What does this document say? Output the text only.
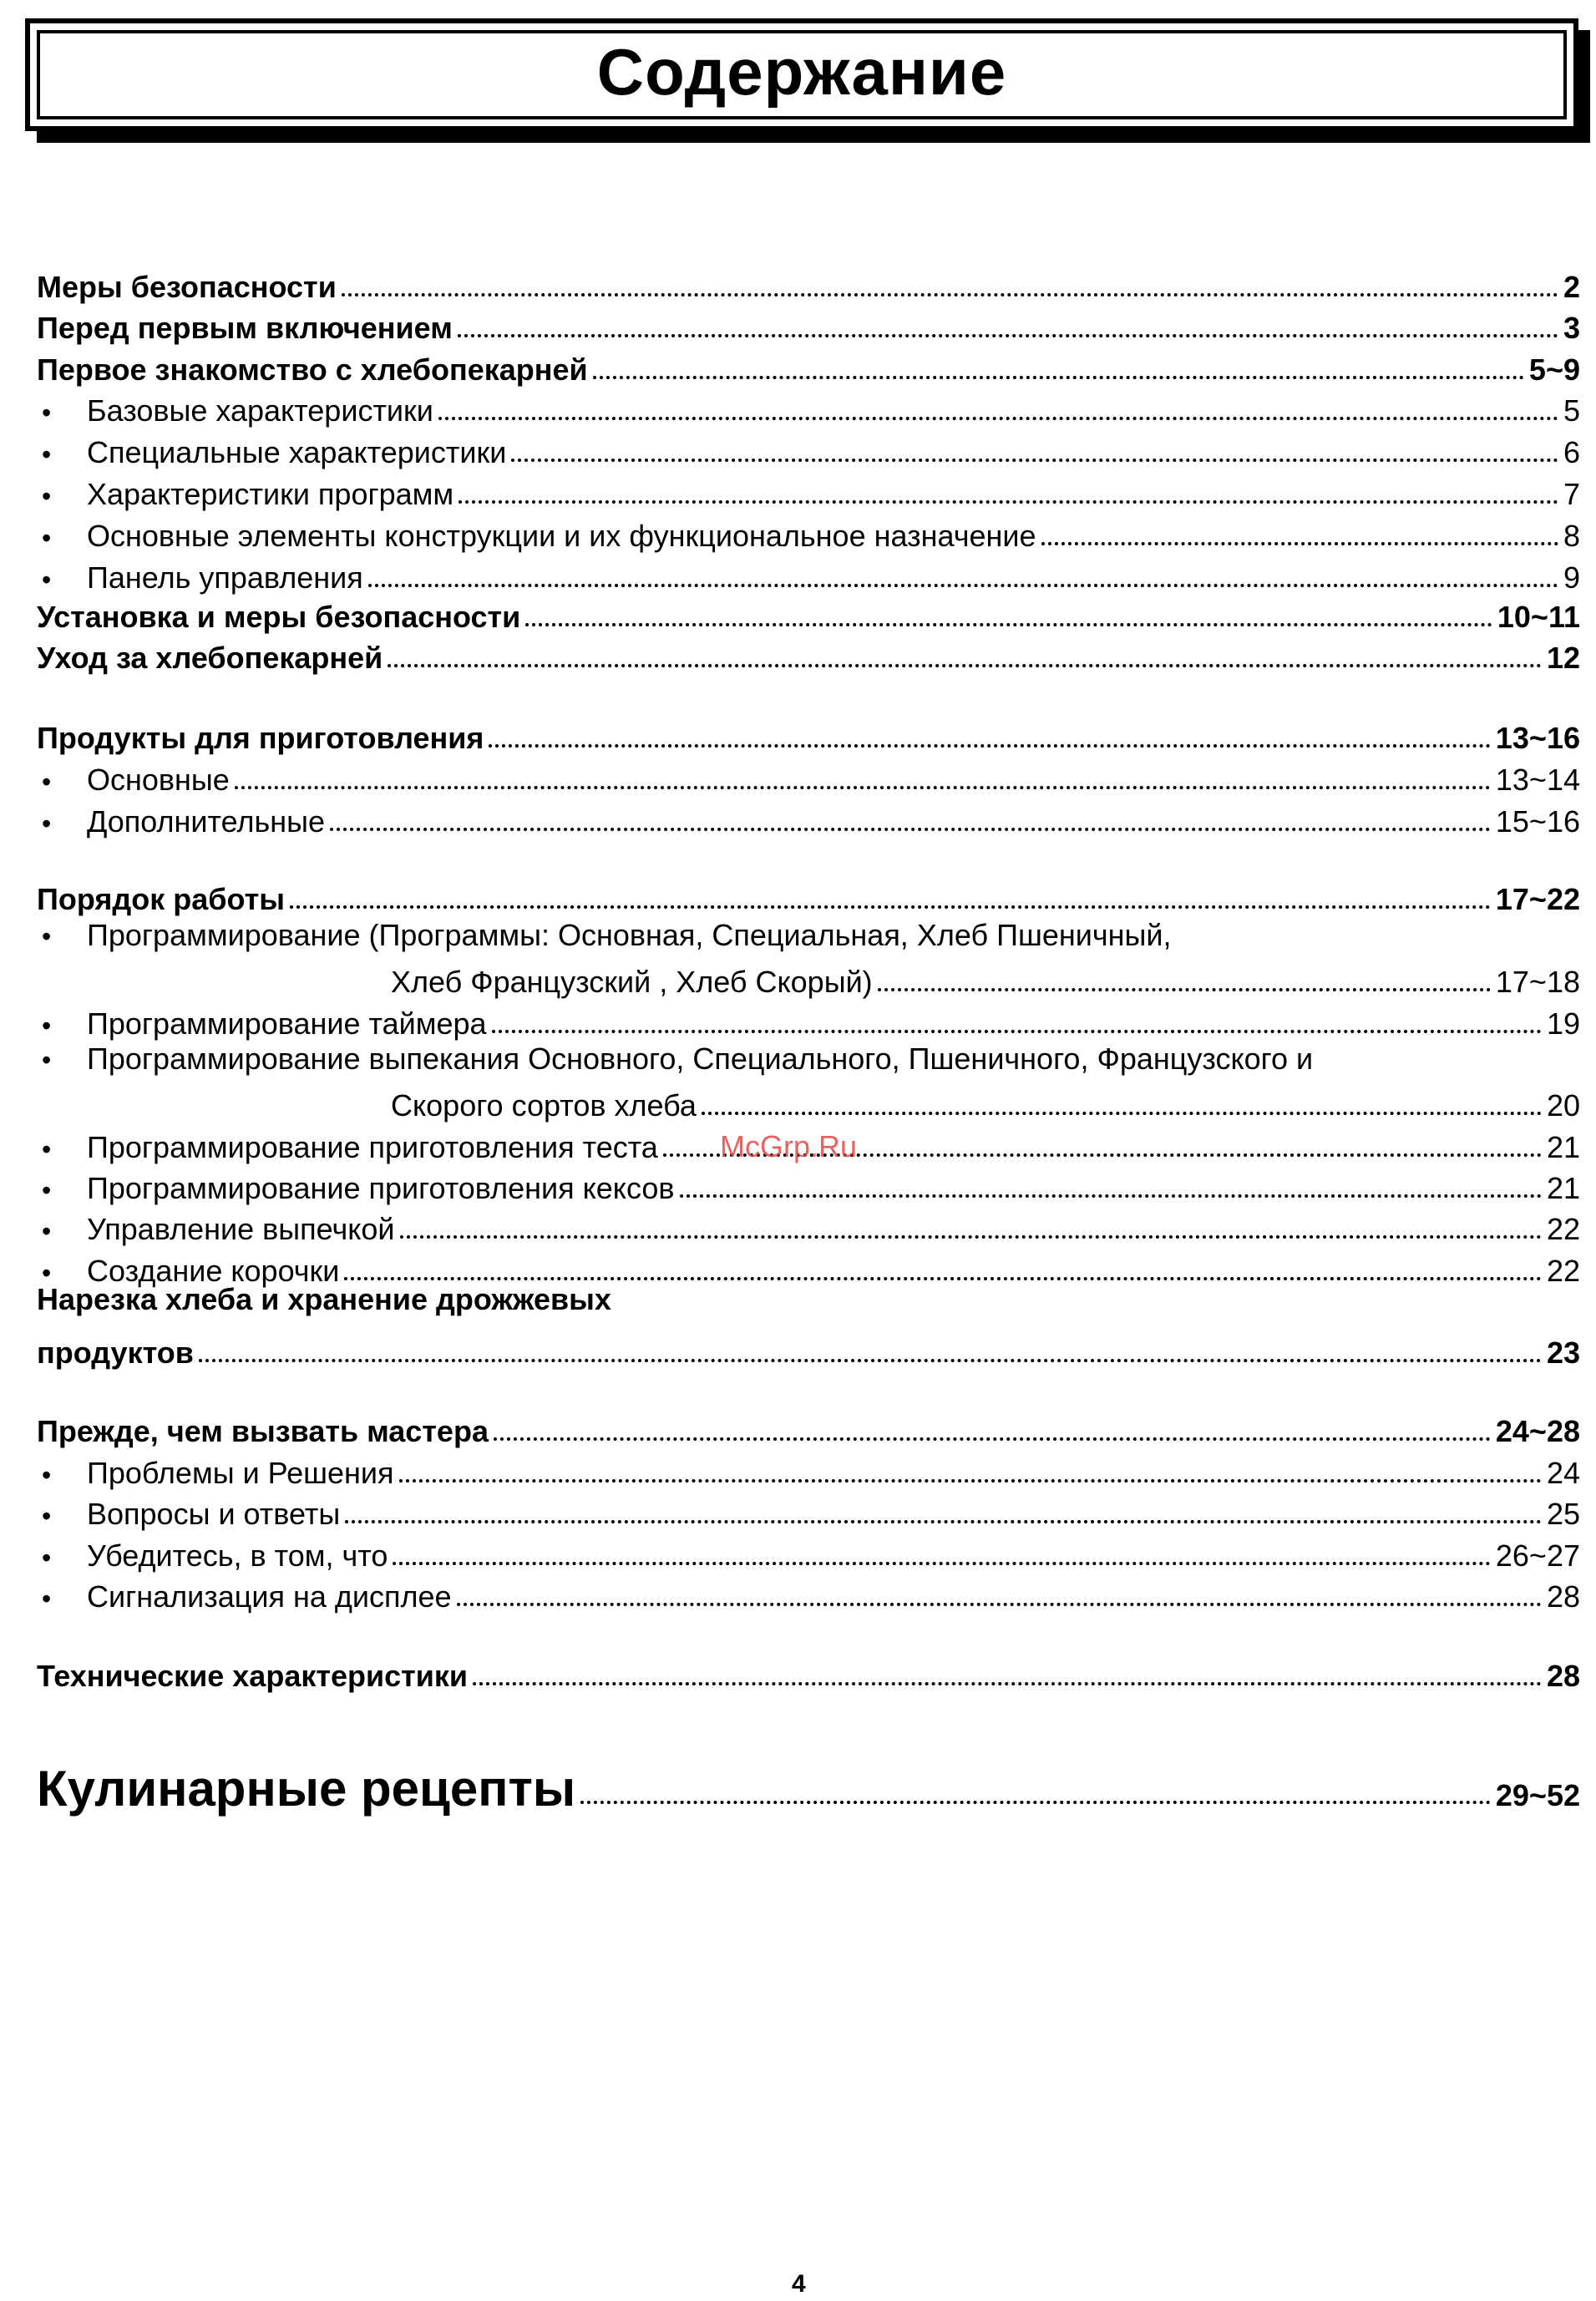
Содержание
Меры безопасности	2
Перед первым включением	3
Первое знакомство с хлебопекарней	5~9
•	Базовые характеристики	5
•	Специальные характеристики	6
•	Характеристики программ	7
•	Основные элементы конструкции и их функциональное назначение	8
•	Панель управления	9
Установка и меры безопасности	10~11
Уход за хлебопекарней	12
Продукты для приготовления	13~16
•	Основные	13~14
•	Дополнительные	15~16
Порядок работы	17~22
• Программирование (Программы: Основная, Специальная, Хлеб Пшеничный,
Хлеб Французский , Хлеб Скорый)	17~18
•	Программирование таймера	19
• Программирование выпекания Основного, Специального, Пшеничного, Французского и
Скорого сортов хлеба	20
•	Программирование приготовления теста	21
•	Программирование приготовления кексов	21
•	Управление выпечкой	22
•	Создание корочки	22
Нарезка хлеба и хранение дрожжевых
продуктов	23
Прежде, чем вызвать мастера	24~28
•	Проблемы и Решения	24
•	Вопросы и ответы	25
•	Убедитесь, в том, что	26~27
•	Сигнализация на дисплее	28
Технические характеристики	28
Кулинарные рецепты	29~52
McGrp.Ru
4
